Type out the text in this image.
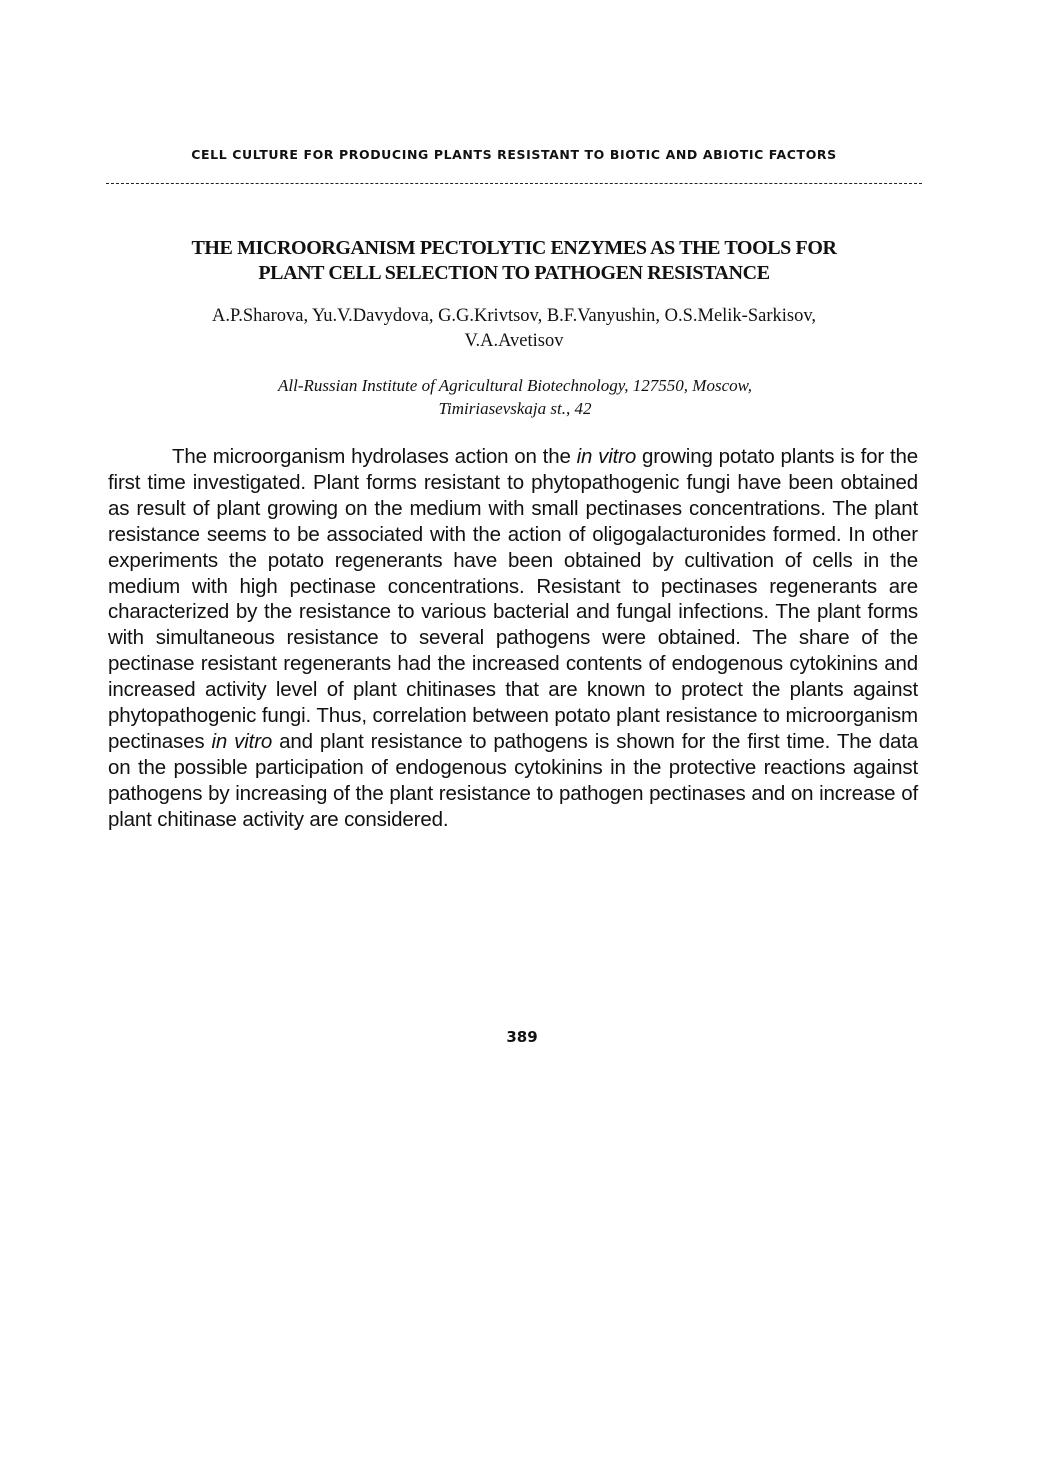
CELL CULTURE FOR PRODUCING PLANTS RESISTANT TO BIOTIC AND ABIOTIC FACTORS
THE MICROORGANISM PECTOLYTIC ENZYMES AS THE TOOLS FOR
PLANT CELL SELECTION TO PATHOGEN RESISTANCE
A.P.Sharova, Yu.V.Davydova, G.G.Krivtsov, B.F.Vanyushin, O.S.Melik-Sarkisov,
V.A.Avetisov
All-Russian Institute of Agricultural Biotechnology, 127550, Moscow,
Timiriasevskaja st., 42

The microorganism hydrolases action on the in vitro growing potato plants is for the first time investigated. Plant forms resistant to phytopathogenic fungi have been obtained as result of plant growing on the medium with small pectinases concentrations. The plant resistance seems to be associated with the action of oligogalacturonides formed. In other experiments the potato regenerants have been obtained by cultivation of cells in the medium with high pectinase concentrations. Resistant to pectinases regenerants are characterized by the resistance to various bacterial and fungal infections. The plant forms with simultaneous resistance to several pathogens were obtained. The share of the pectinase resistant regenerants had the increased contents of endogenous cytokinins and increased activity level of plant chitinases that are known to protect the plants against phytopathogenic fungi. Thus, correlation between potato plant resistance to microorganism pectinases in vitro and plant resistance to pathogens is shown for the first time. The data on the possible participation of endogenous cytokinins in the protective reactions against pathogens by increasing of the plant resistance to pathogen pectinases and on increase of plant chitinase activity are considered.

389
